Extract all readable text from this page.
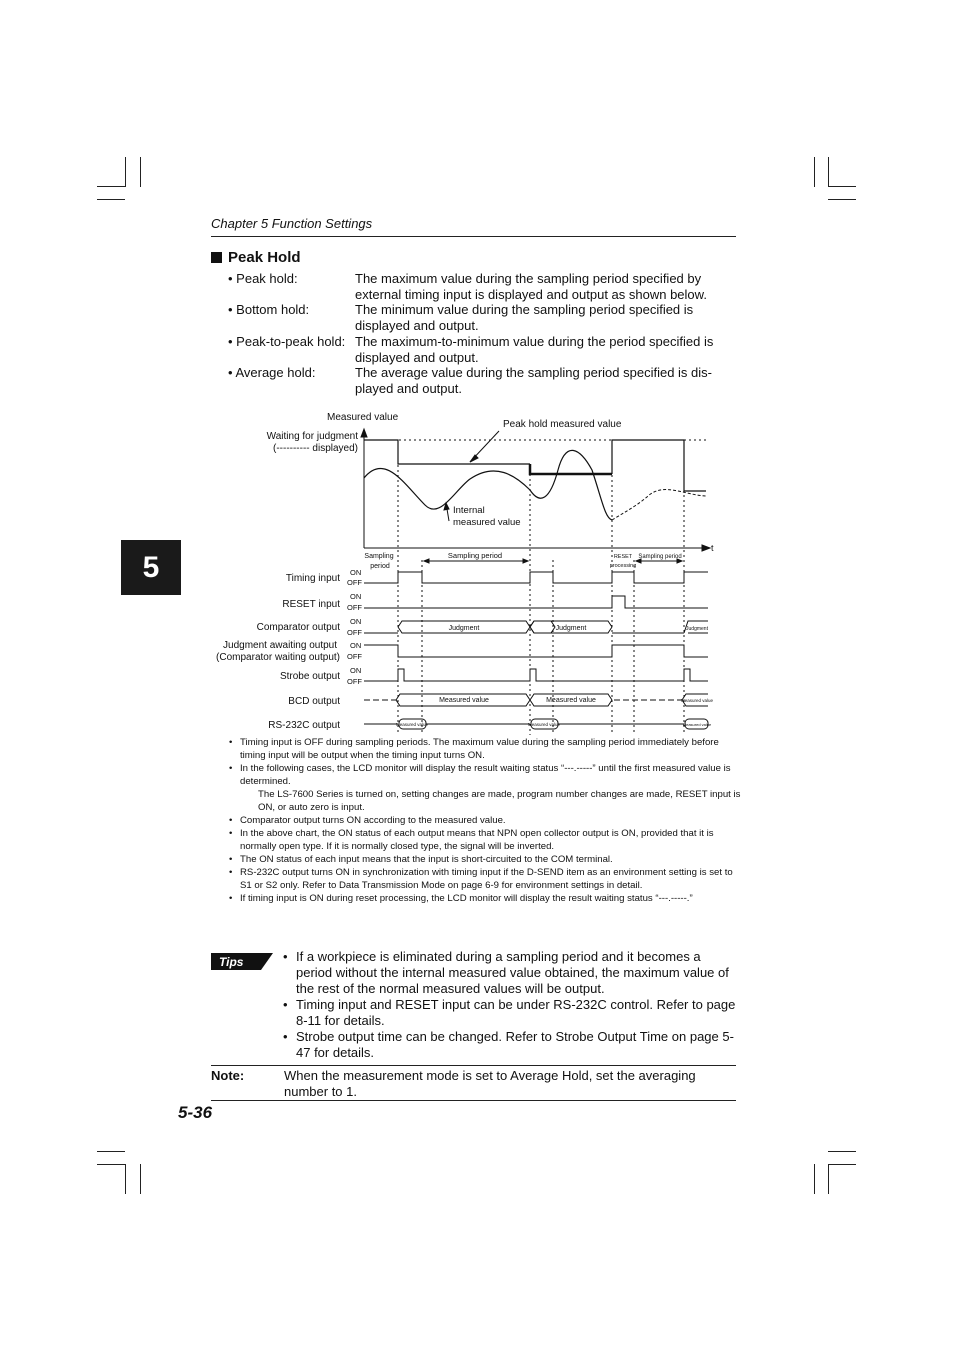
5
Chapter 5 Function Settings
Peak Hold
• Peak hold:	The maximum value during the sampling period specified by external timing input is displayed and output as shown below.
• Bottom hold:	The minimum value during the sampling period specified is displayed and output.
• Peak-to-peak hold: The maximum-to-minimum value during the period specified is displayed and output.
• Average hold:	The average value during the sampling period specified is dis-played and output.
Measured value
Waiting for judgment
(---------- displayed)
Peak hold measured value
Internal
measured value
t
Sampling
period
Sampling period	RESET
processing
Sampling period
Timing input
RESET input
Comparator output
Judgment awaiting output
(Comparator waiting output)
Strobe output
BCD output
RS-232C output
ON
OFF
ON
OFF
ON
OFF
ON
OFF
ON
OFF
Judgment	Judgment	Judgment
Measured value	Measured value	Measured value
Measured value	Measured value	Measured value
• Timing input is OFF during sampling periods. The maximum value during the sampling period immediately before timing input will be output when the timing input turns ON.
• In the following cases, the LCD monitor will display the result waiting status “---.-----” until the first measured value is determined.
The LS-7600 Series is turned on, setting changes are made, program number changes are made, RESET input is ON, or auto zero is input.
• Comparator output turns ON according to the measured value.
• In the above chart, the ON status of each output means that NPN open collector output is ON, provided that it is normally open type. If it is normally closed type, the signal will be inverted.
• The ON status of each input means that the input is short-circuited to the COM terminal.
• RS-232C output turns ON in synchronization with timing input if the D-SEND item as an environment setting is set to S1 or S2 only. Refer to Data Transmission Mode on page 6-9 for environment settings in detail.
• If timing input is ON during reset processing, the LCD monitor will display the result waiting status “---.-----.”
Tips
•	If a workpiece is eliminated during a sampling period and it becomes a period without the internal measured value obtained, the maximum value of the rest of the normal measured values will be output.
• Timing input and RESET input can be under RS-232C control. Refer to page 8-11 for details.
• Strobe output time can be changed. Refer to Strobe Output Time on page 5-47 for details.
Note:	When the measurement mode is set to Average Hold, set the averaging number to 1.
5-36
